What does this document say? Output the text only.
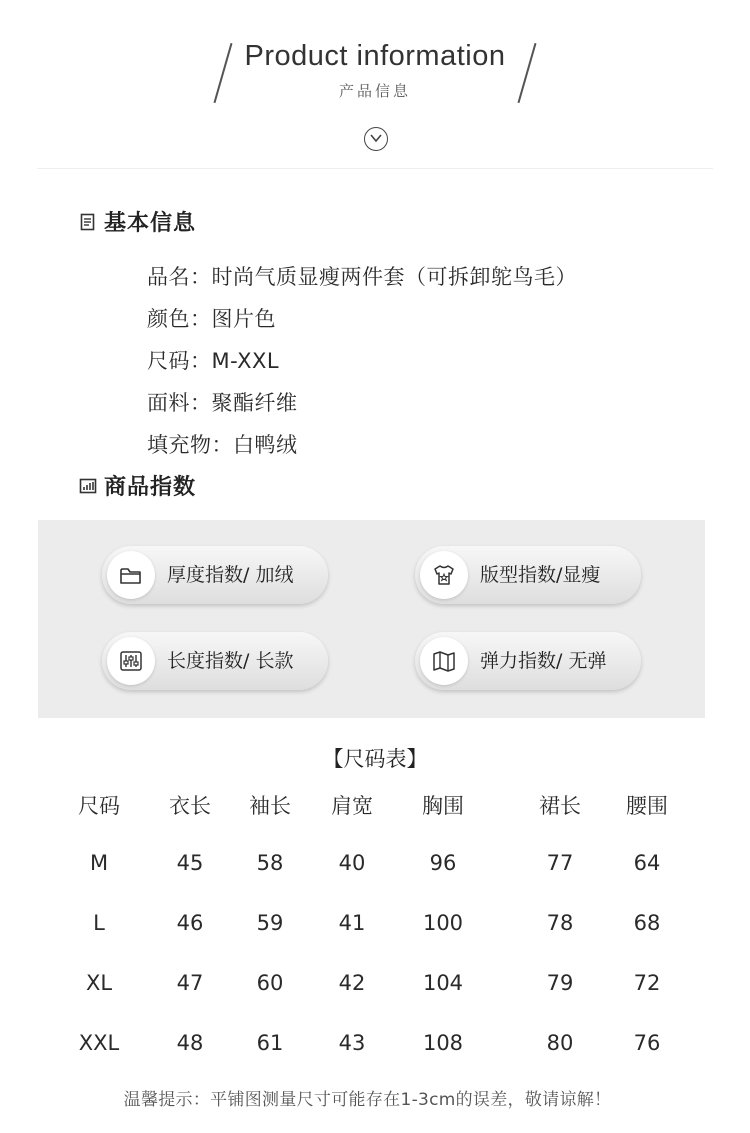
Product information
产品信息
基本信息
品名：时尚气质显瘦两件套（可拆卸鸵鸟毛）
颜色：图片色
尺码：M-XXL
面料：聚酯纤维
填充物：白鸭绒
商品指数
厚度指数/ 加绒	版型指数/显瘦
长度指数/ 长款	弹力指数/ 无弹
【尺码表】
尺码	衣长	袖长	肩宽	胸围	裙长	腰围
M	45	58	40	96	77	64
L	46	59	41	100	78	68
XL	47	60	42	104	79	72
XXL	48	61	43	108	80	76
温馨提示：平铺图测量尺寸可能存在1-3cm的误差，敬请谅解！
